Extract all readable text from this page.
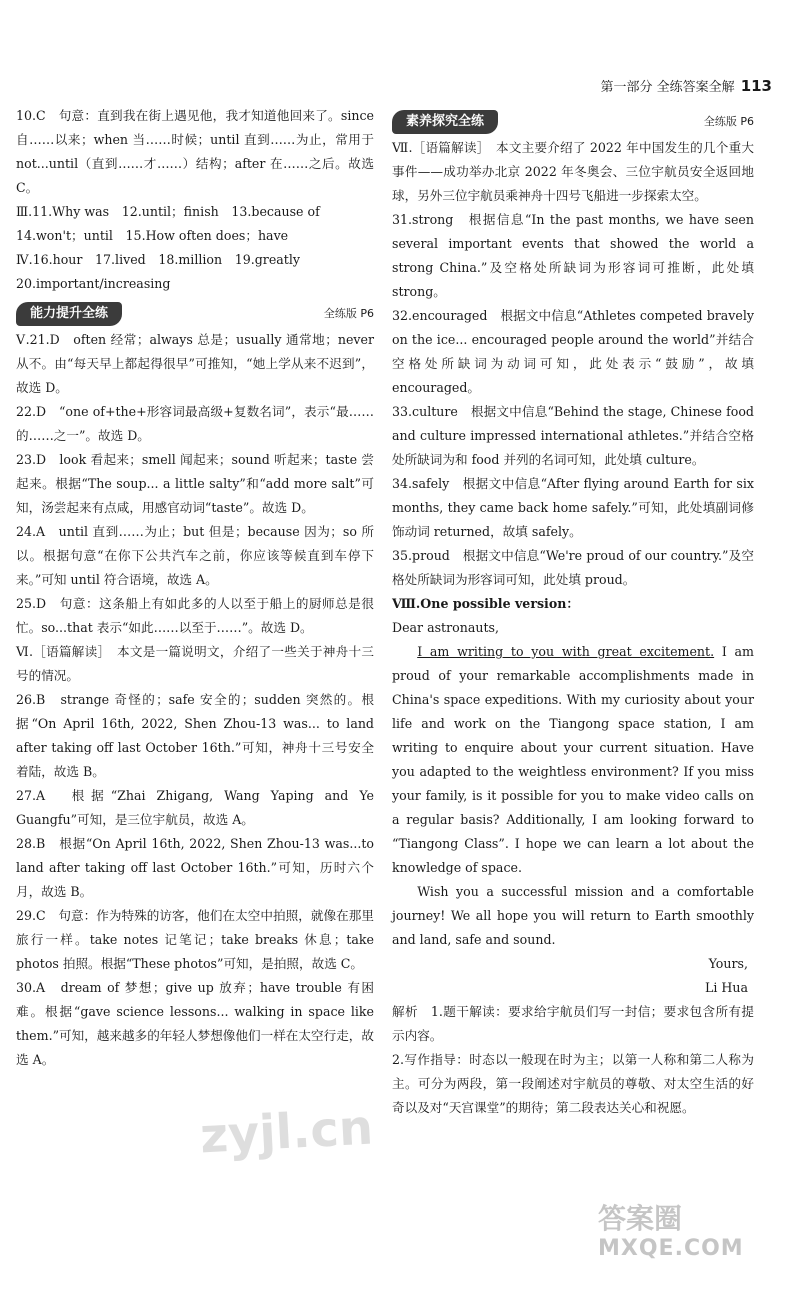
第一部分 全练答案全解 113

10.C　句意：直到我在街上遇见他，我才知道他回来了。since 自……以来；when 当……时候；until 直到……为止，常用于 not...until（直到……才……）结构；after 在……之后。故选 C。

Ⅲ.11.Why was　12.until；finish　13.because of

14.won't；until　15.How often does；have

Ⅳ.16.hour　17.lived　18.million　19.greatly

20.important/increasing

能力提升全练	全练版 P6

Ⅴ.21.D　often 经常；always 总是；usually 通常地；never 从不。由“每天早上都起得很早”可推知，“她上学从来不迟到”，故选 D。

22.D　“one of+the+形容词最高级+复数名词”，表示“最……的……之一”。故选 D。

23.D　look 看起来；smell 闻起来；sound 听起来；taste 尝起来。根据“The soup... a little salty”和“add more salt”可知，汤尝起来有点咸，用感官动词“taste”。故选 D。

24.A　until 直到……为止；but 但是；because 因为；so 所以。根据句意“在你下公共汽车之前，你应该等候直到车停下来。”可知 until 符合语境，故选 A。

25.D　句意：这条船上有如此多的人以至于船上的厨师总是很忙。so...that 表示“如此……以至于……”。故选 D。

Ⅵ.［语篇解读］　本文是一篇说明文，介绍了一些关于神舟十三号的情况。

26.B　strange 奇怪的；safe 安全的；sudden 突然的。根据“On April 16th, 2022, Shen Zhou-13 was... to land after taking off last October 16th.”可知，神舟十三号安全着陆，故选 B。

27.A　根据“Zhai Zhigang, Wang Yaping and Ye Guangfu”可知，是三位宇航员，故选 A。

28.B　根据“On April 16th, 2022, Shen Zhou-13 was...to land after taking off last October 16th.”可知，历时六个月，故选 B。

29.C　句意：作为特殊的访客，他们在太空中拍照，就像在那里旅行一样。take notes 记笔记；take breaks 休息；take photos 拍照。根据“These photos”可知，是拍照，故选 C。

30.A　dream of 梦想；give up 放弃；have trouble 有困难。根据“gave science lessons... walking in space like them.”可知，越来越多的年轻人梦想像他们一样在太空行走，故选 A。

素养探究全练	全练版 P6

Ⅶ.［语篇解读］　本文主要介绍了 2022 年中国发生的几个重大事件——成功举办北京 2022 年冬奥会、三位宇航员安全返回地球，另外三位宇航员乘神舟十四号飞船进一步探索太空。

31.strong　根据信息“In the past months, we have seen several important events that showed the world a strong China.”及空格处所缺词为形容词可推断，此处填 strong。

32.encouraged　根据文中信息“Athletes competed bravely on the ice... encouraged people around the world”并结合空格处所缺词为动词可知，此处表示“鼓励”，故填 encouraged。

33.culture　根据文中信息“Behind the stage, Chinese food and culture impressed international athletes.”并结合空格处所缺词为和 food 并列的名词可知，此处填 culture。

34.safely　根据文中信息“After flying around Earth for six months, they came back home safely.”可知，此处填副词修饰动词 returned，故填 safely。

35.proud　根据文中信息“We're proud of our country.”及空格处所缺词为形容词可知，此处填 proud。

Ⅷ.One possible version：

Dear astronauts,

I am writing to you with great excitement. I am proud of your remarkable accomplishments made in China's space expeditions. With my curiosity about your life and work on the Tiangong space station, I am writing to enquire about your current situation. Have you adapted to the weightless environment? If you miss your family, is it possible for you to make video calls on a regular basis? Additionally, I am looking forward to “Tiangong Class”. I hope we can learn a lot about the knowledge of space.

Wish you a successful mission and a comfortable journey! We all hope you will return to Earth smoothly and land, safe and sound.

Yours,

Li Hua

解析　1.题干解读：要求给宇航员们写一封信；要求包含所有提示内容。

2.写作指导：时态以一般现在时为主；以第一人称和第二人称为主。可分为两段，第一段阐述对宇航员的尊敬、对太空生活的好奇以及对“天宫课堂”的期待；第二段表达关心和祝愿。

zyjl.cn
答案圈
MXQE.COM
